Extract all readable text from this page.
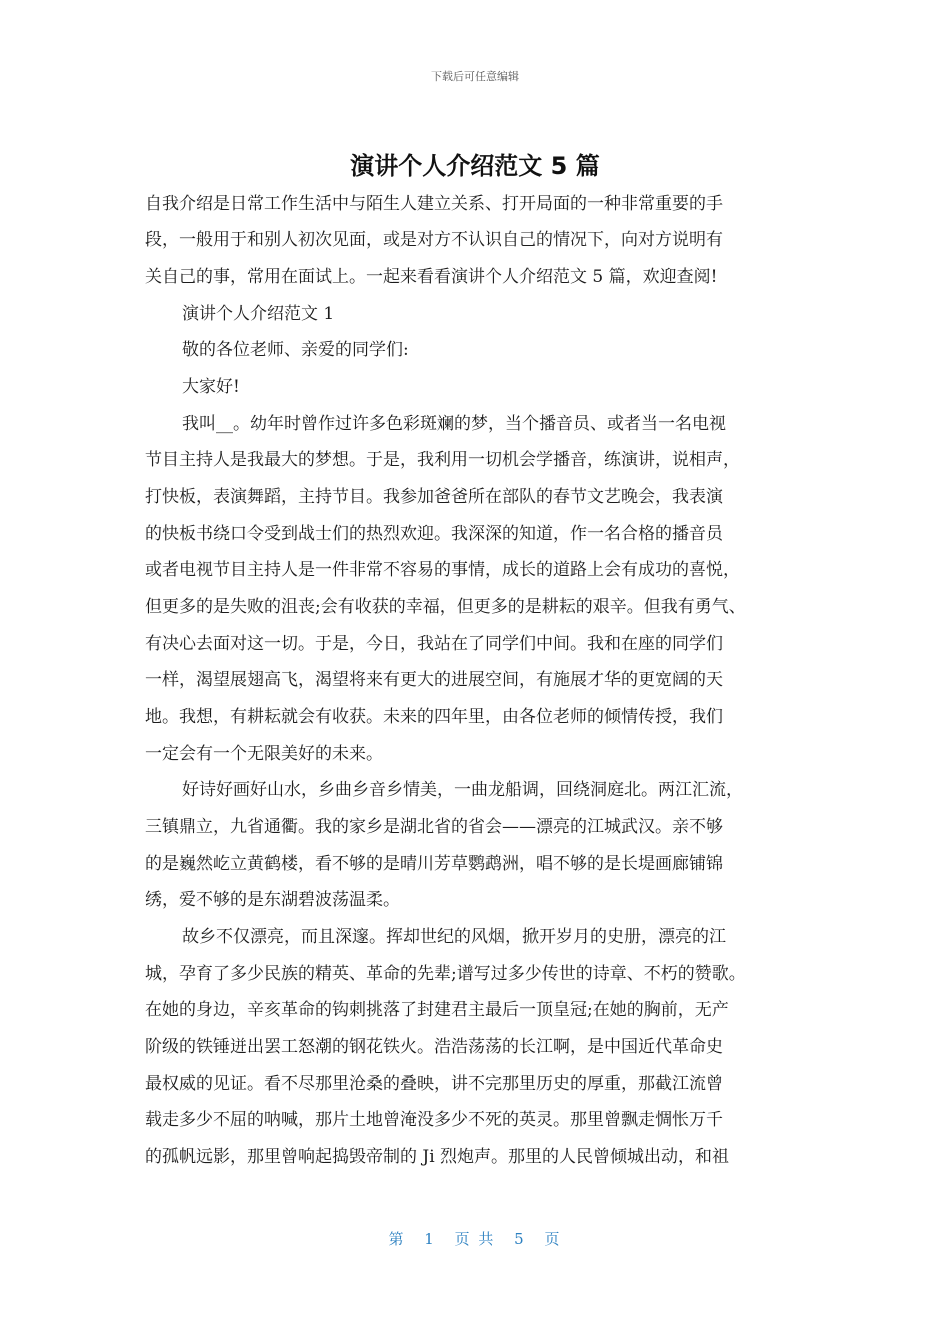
下载后可任意编辑
演讲个人介绍范文 5 篇
自我介绍是日常工作生活中与陌生人建立关系、打开局面的一种非常重要的手
段，一般用于和别人初次见面，或是对方不认识自己的情况下，向对方说明有
关自己的事，常用在面试上。一起来看看演讲个人介绍范文 5 篇，欢迎查阅!
演讲个人介绍范文 1
敬的各位老师、亲爱的同学们:
大家好!
我叫__。幼年时曾作过许多色彩斑斓的梦，当个播音员、或者当一名电视
节目主持人是我最大的梦想。于是，我利用一切机会学播音，练演讲，说相声，
打快板，表演舞蹈，主持节目。我参加爸爸所在部队的春节文艺晚会，我表演
的快板书绕口令受到战士们的热烈欢迎。我深深的知道，作一名合格的播音员
或者电视节目主持人是一件非常不容易的事情，成长的道路上会有成功的喜悦，
但更多的是失败的沮丧;会有收获的幸福，但更多的是耕耘的艰辛。但我有勇气、
有决心去面对这一切。于是，今日，我站在了同学们中间。我和在座的同学们
一样，渴望展翅高飞，渴望将来有更大的进展空间，有施展才华的更宽阔的天
地。我想，有耕耘就会有收获。未来的四年里，由各位老师的倾情传授，我们
一定会有一个无限美好的未来。
好诗好画好山水，乡曲乡音乡情美，一曲龙船调，回绕洞庭北。两江汇流，
三镇鼎立，九省通衢。我的家乡是湖北省的省会——漂亮的江城武汉。亲不够
的是巍然屹立黄鹤楼，看不够的是晴川芳草鹦鹉洲，唱不够的是长堤画廊铺锦
绣，爱不够的是东湖碧波荡温柔。
故乡不仅漂亮，而且深邃。挥却世纪的风烟，掀开岁月的史册，漂亮的江
城，孕育了多少民族的精英、革命的先辈;谱写过多少传世的诗章、不朽的赞歌。
在她的身边，辛亥革命的钩刺挑落了封建君主最后一顶皇冠;在她的胸前，无产
阶级的铁锤迸出罢工怒潮的钢花铁火。浩浩荡荡的长江啊，是中国近代革命史
最权威的见证。看不尽那里沧桑的叠映，讲不完那里历史的厚重，那截江流曾
载走多少不屈的呐喊，那片土地曾淹没多少不死的英灵。那里曾飘走惆怅万千
的孤帆远影，那里曾响起捣毁帝制的 Ji 烈炮声。那里的人民曾倾城出动，和祖
第 1 页 共 5 页
